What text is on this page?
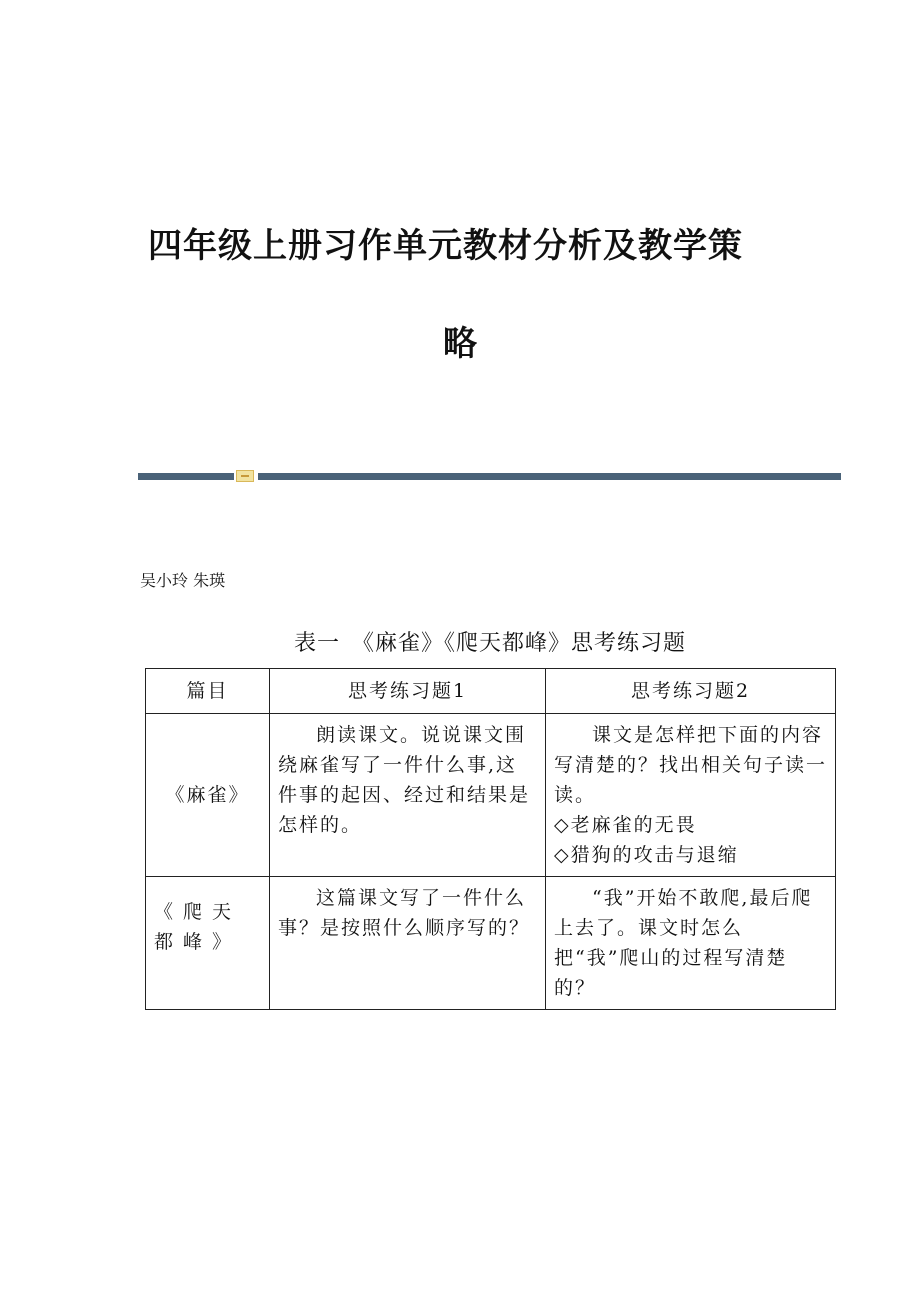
四年级上册习作单元教材分析及教学策
略
吴小玲 朱瑛
表一　《麻雀》《爬天都峰》思考练习题
篇目	思考练习题1	思考练习题2
《麻雀》	朗读课文。说说课文围绕麻雀写了一件什么事,这件事的起因、经过和结果是怎样的。	课文是怎样把下面的内容写清楚的？找出相关句子读一读。
◇ 老麻雀的无畏
◇ 猎狗的攻击与退缩

《爬天都峰》	这篇课文写了一件什么事？是按照什么顺序写的？	“我”开始不敢爬,最后爬上去了。课文时怎么把“我”爬山的过程写清楚的？
